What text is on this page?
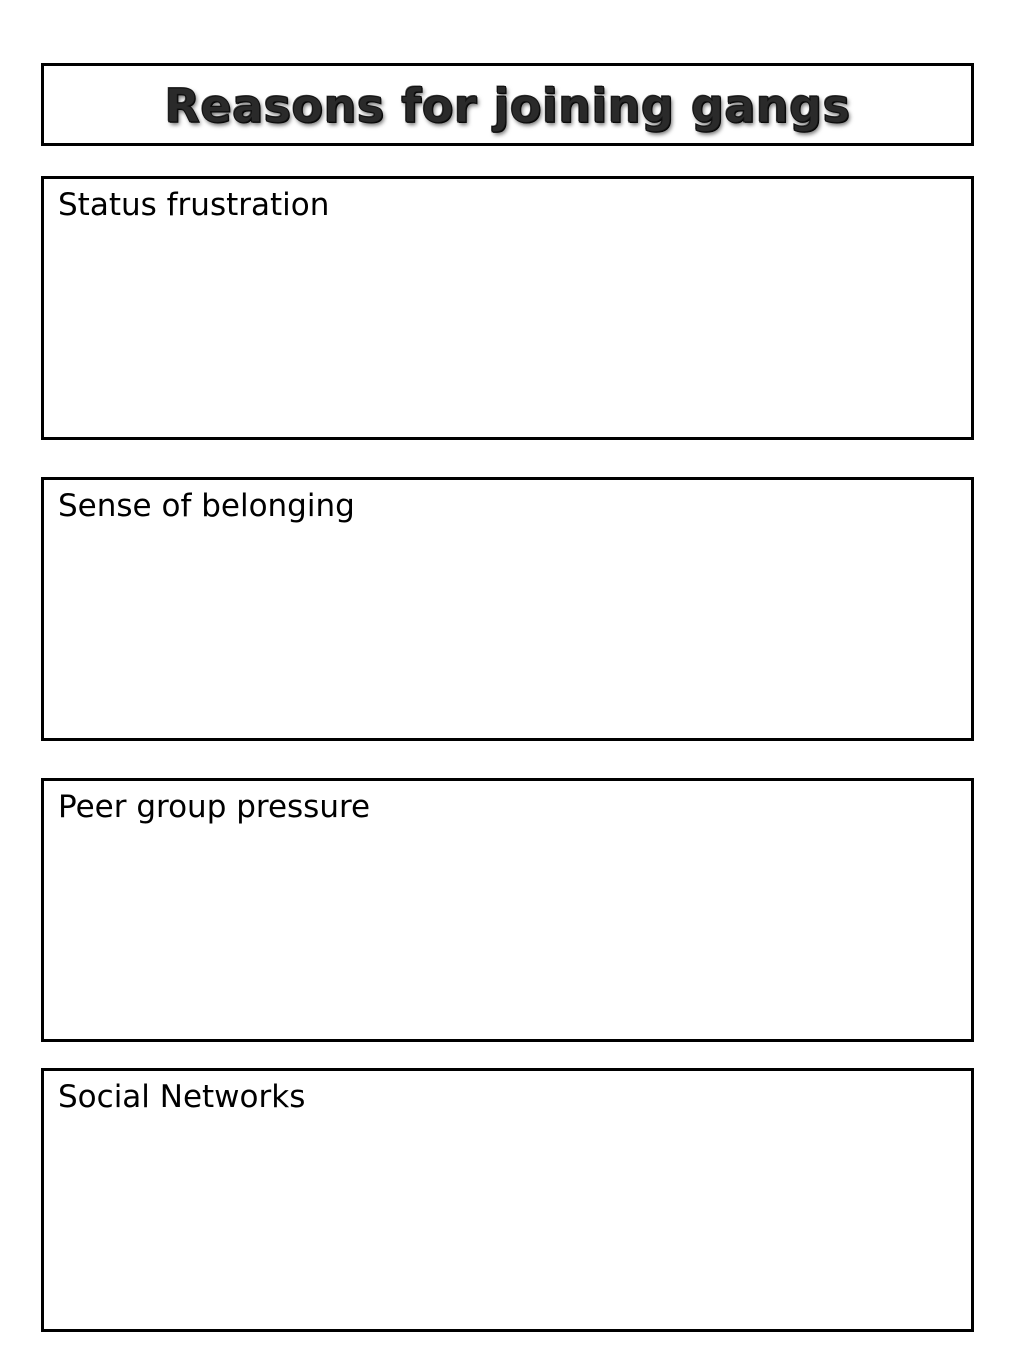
Reasons for joining gangs
Status frustration
Sense of belonging
Peer group pressure
Social Networks
